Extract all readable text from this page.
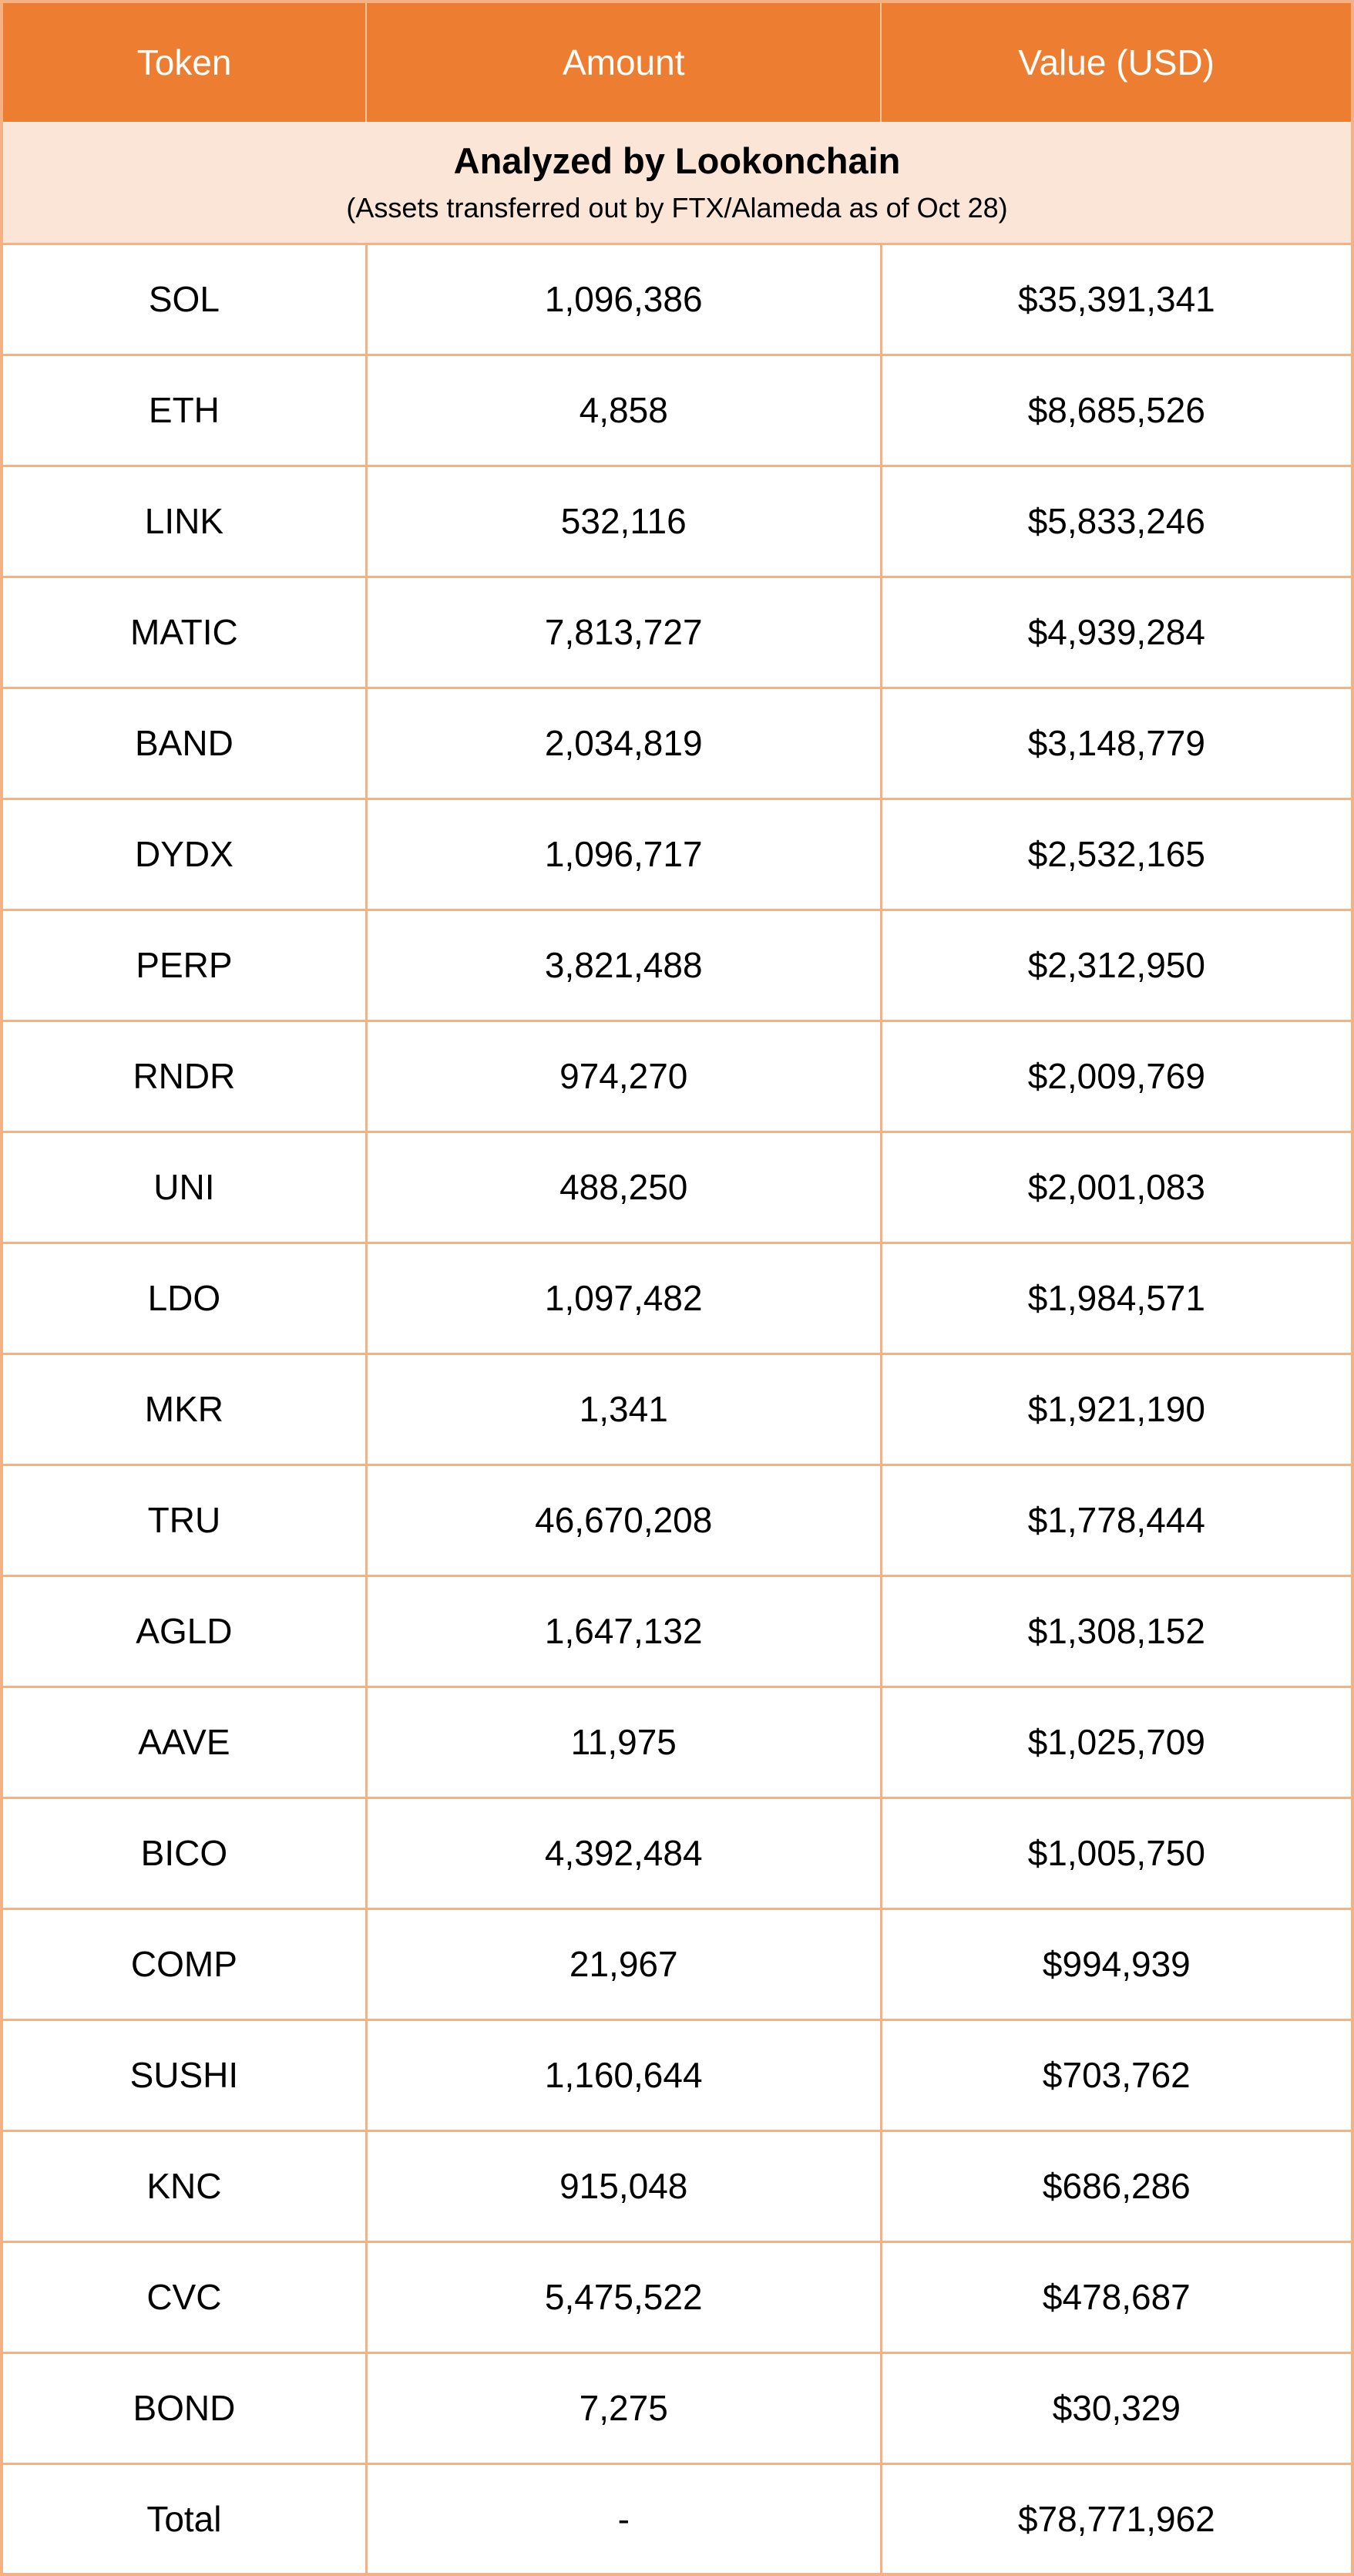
Token	Amount	Value (USD)

Analyzed by Lookonchain
(Assets transferred out by FTX/Alameda as of Oct 28)		

SOL	1,096,386	$35,391,341
ETH	4,858	$8,685,526
LINK	532,116	$5,833,246
MATIC	7,813,727	$4,939,284
BAND	2,034,819	$3,148,779
DYDX	1,096,717	$2,532,165
PERP	3,821,488	$2,312,950
RNDR	974,270	$2,009,769
UNI	488,250	$2,001,083
LDO	1,097,482	$1,984,571
MKR	1,341	$1,921,190
TRU	46,670,208	$1,778,444
AGLD	1,647,132	$1,308,152
AAVE	11,975	$1,025,709
BICO	4,392,484	$1,005,750
COMP	21,967	$994,939
SUSHI	1,160,644	$703,762
KNC	915,048	$686,286
CVC	5,475,522	$478,687
BOND	7,275	$30,329
Total	-	$78,771,962
